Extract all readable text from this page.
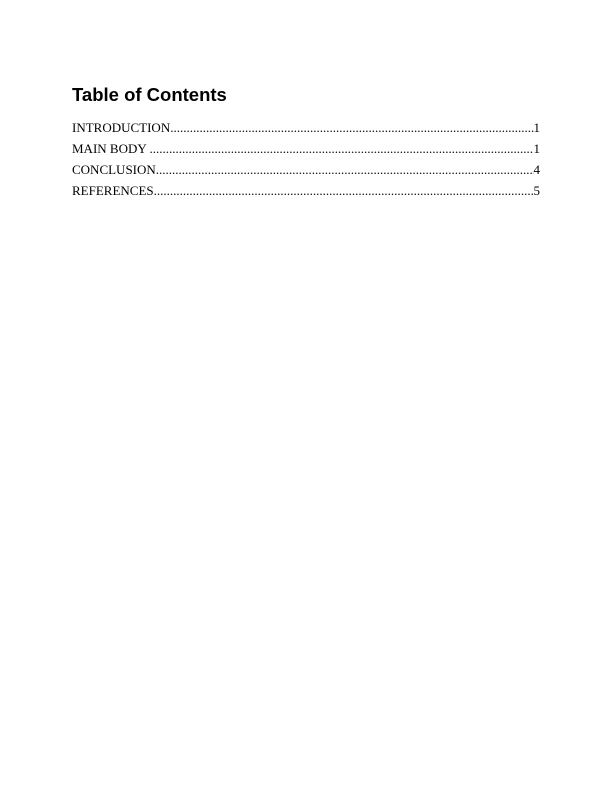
Table of Contents
INTRODUCTION .....	1
MAIN BODY .....	1
CONCLUSION .....	4
REFERENCES .....	5
